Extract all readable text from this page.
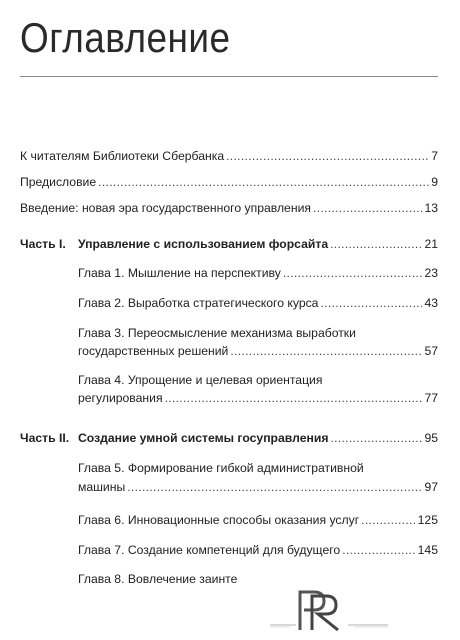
Оглавление
К читателям Библиотеки Сбербанка .....	7
Предисловие .....	9
Введение: новая эра государственного управления .....	13
Часть I. Управление с использованием форсайта .....	21
Глава 1. Мышление на перспективу .....	23
Глава 2. Выработка стратегического курса .....	43
Глава 3. Переосмысление механизма выработки
государственных решений .....	57
Глава 4. Упрощение и целевая ориентация
регулирования .....	77
Часть II. Создание умной системы госуправления .....	95
Глава 5. Формирование гибкой административной
машины .....	97
Глава 6. Инновационные способы оказания услуг .....	125
Глава 7. Создание компетенций для будущего .....	145
Глава 8. Вовлечение заинте
